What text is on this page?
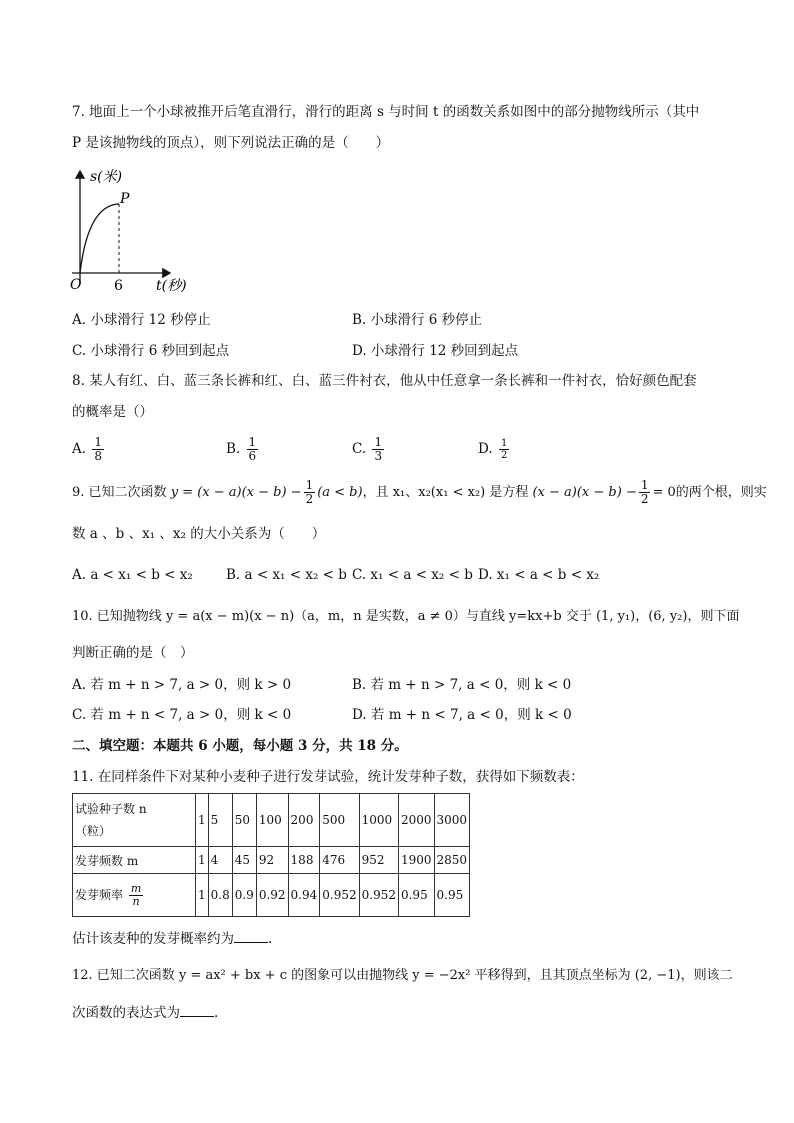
7. 地面上一个小球被推开后笔直滑行，滑行的距离 s 与时间 t 的函数关系如图中的部分抛物线所示（其中
P 是该抛物线的顶点），则下列说法正确的是（　　）
s(米)
P
O 6 t(秒)
A. 小球滑行 12 秒停止	B. 小球滑行 6 秒停止
C. 小球滑行 6 秒回到起点	D. 小球滑行 12 秒回到起点
8. 某人有红、白、蓝三条长裤和红、白、蓝三件衬衣，他从中任意拿一条长裤和一件衬衣，恰好颜色配套
的概率是（）
A. $\frac{1}{8}$	B. $\frac{1}{6}$	C. $\frac{1}{3}$	D. $\frac{1}{2}$
9. 已知二次函数 $y = (x - a)(x - b) - \frac{1}{2} (a < b)$，且 x₁、x₂(x₁ < x₂) 是方程 $(x - a)(x - b) - \frac{1}{2} = 0$的两个根，则实
数 a 、b 、x₁ 、x₂ 的大小关系为（　　）
A. a < x₁ < b < x₂ B. a < x₁ < x₂ < b C. x₁ < a < x₂ < b D. x₁ < a < b < x₂
10. 已知抛物线 y = a(x − m)(x − n)（a，m，n 是实数，a ≠ 0）与直线 y=kx+b 交于 (1, y₁)，(6, y₂)，则下面
判断正确的是（　）
A. 若 m + n > 7, a > 0，则 k > 0	B. 若 m + n > 7, a < 0，则 k < 0
C. 若 m + n < 7, a > 0，则 k < 0	D. 若 m + n < 7, a < 0，则 k < 0
二、填空题：本题共 6 小题，每小题 3 分，共 18 分。
11. 在同样条件下对某种小麦种子进行发芽试验，统计发芽种子数，获得如下频数表：
试验种子数 n
（粒）	1	5	50	100	200	500	1000	2000	3000
发芽频数 m	1	4	45	92	188	476	952	1900	2850
发芽频率 $\frac{m}{n}$	1	0.8	0.9	0.92	0.94	0.952	0.952	0.95	0.95
估计该麦种的发芽概率约为	.
12. 已知二次函数 y = ax² + bx + c 的图象可以由抛物线 y = −2x² 平移得到，且其顶点坐标为 (2, −1)，则该二
次函数的表达式为	.
